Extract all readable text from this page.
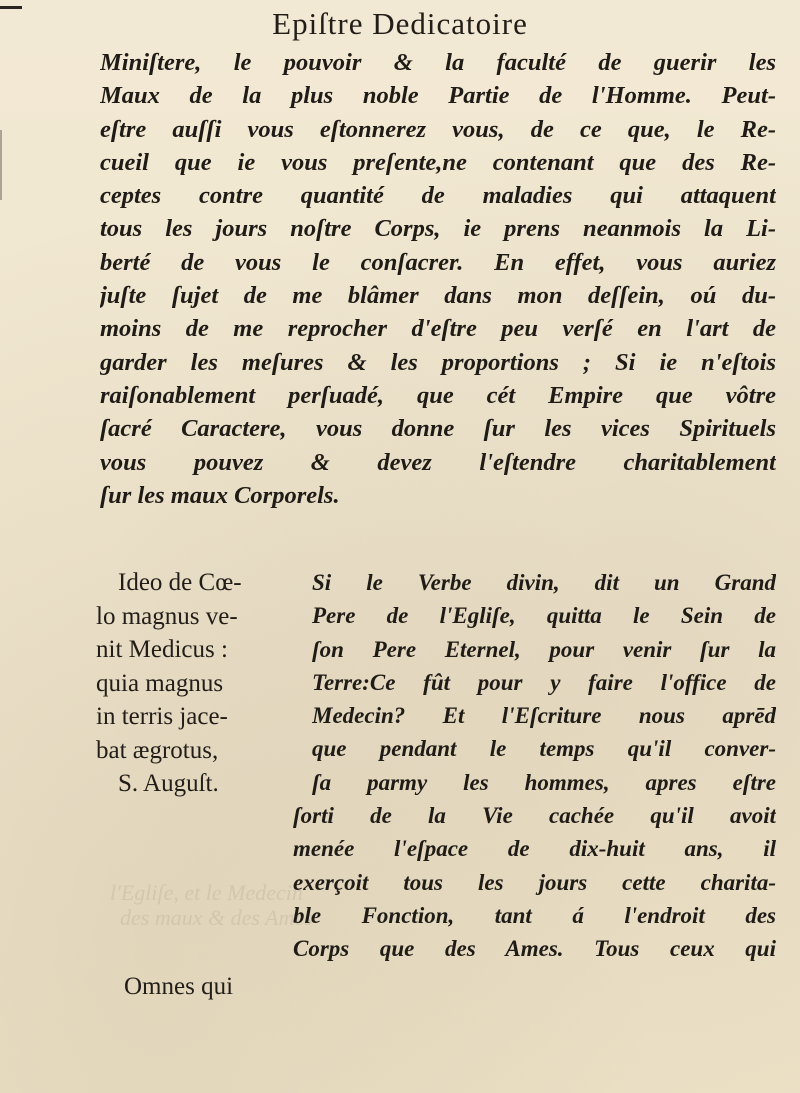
l'Egliſe, et le Medecin
des maux & des Ames
Epiſtre Dedicatoire
Miniſtere, le pouvoir & la faculté de guerir les
Maux de la plus noble Partie de l'Homme. Peut-
eſtre auſſi vous eſtonnerez vous, de ce que, le Re-
cueil que ie vous preſente,ne contenant que des Re-
ceptes contre quantité de maladies qui attaquent
tous les jours noſtre Corps, ie prens neanmois la Li-
berté de vous le conſacrer. En effet, vous auriez
juſte ſujet de me blâmer dans mon deſſein, oú du-
moins de me reprocher d'eſtre peu verſé en l'art de
garder les meſures & les proportions ; Si ie n'eſtois
raiſonablement perſuadé, que cét Empire que vôtre
ſacré Caractere, vous donne ſur les vices Spirituels
vous pouvez & devez l'eſtendre charitablement
ſur les maux Corporels.
Ideo de Cœ-
lo magnus ve-
nit Medicus :
quia magnus
in terris jace-
bat ægrotus,
S. Auguſt.
Si le Verbe divin, dit un Grand
Pere de l'Egliſe, quitta le Sein de
ſon Pere Eternel, pour venir ſur la
Terre:Ce fût pour y faire l'office de
Medecin? Et l'Eſcriture nous aprēd
que pendant le temps qu'il conver-
ſa parmy les hommes, apres eſtre
ſorti de la Vie cachée qu'il avoit
menée l'eſpace de dix-huit ans, il
exerçoit tous les jours cette charita-
ble Fonction, tant á l'endroit des
Corps que des Ames. Tous ceux qui
Omnes qui
